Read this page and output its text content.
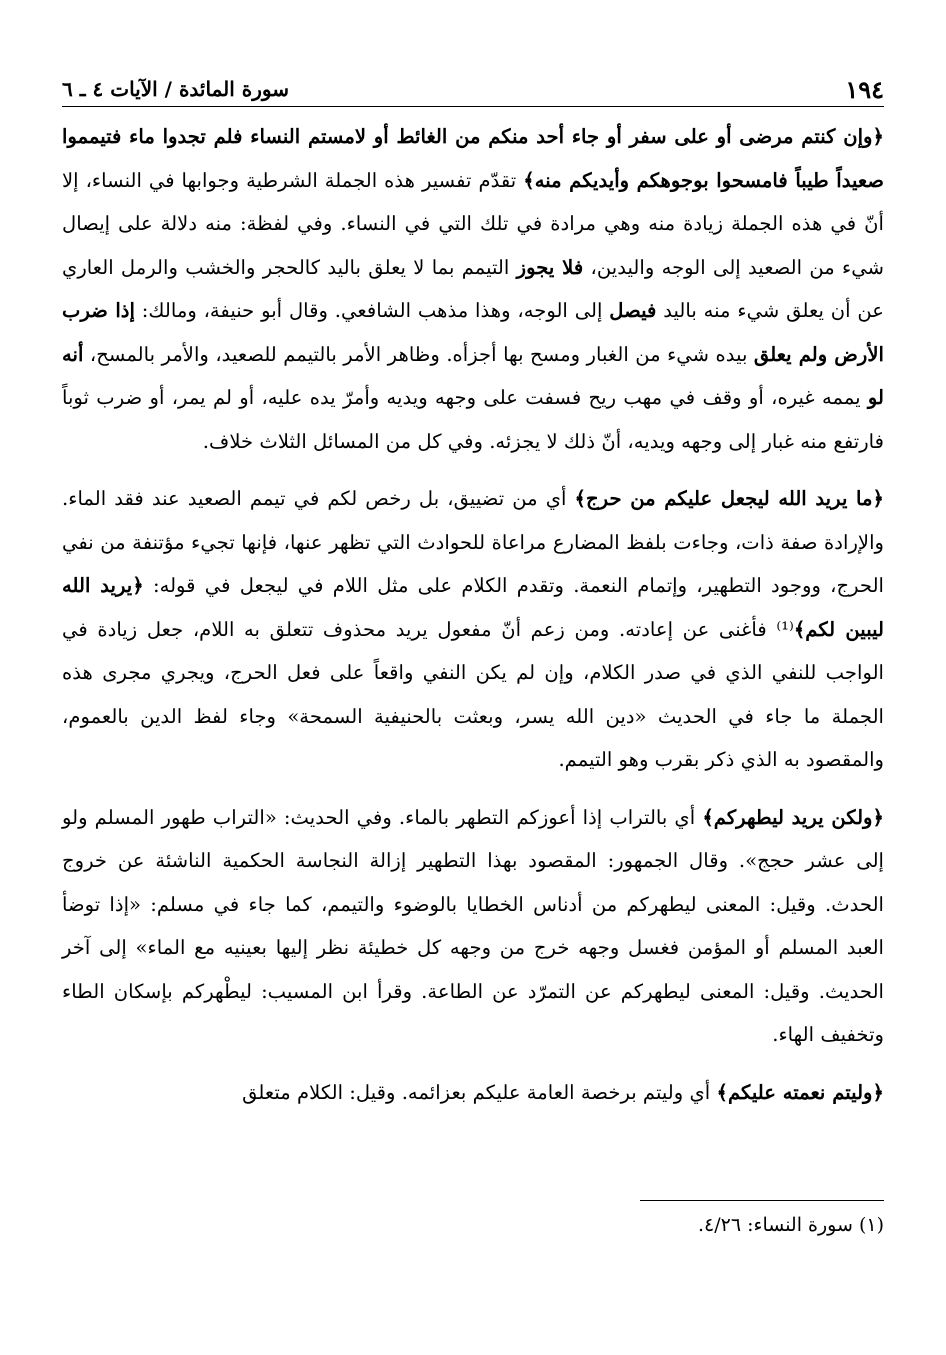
١٩٤
سورة المائدة / الآيات ٤ ـ ٦

﴿وإن كنتم مرضى أو على سفر أو جاء أحد منكم من الغائط أو لامستم النساء فلم تجدوا ماء فتيمموا صعيداً طيباً فامسحوا بوجوهكم وأيديكم منه﴾ تقدّم تفسير هذه الجملة الشرطية وجوابها في النساء، إلا أنّ في هذه الجملة زيادة منه وهي مرادة في تلك التي في النساء. وفي لفظة: منه دلالة على إيصال شيء من الصعيد إلى الوجه واليدين، فلا يجوز التيمم بما لا يعلق باليد كالحجر والخشب والرمل العاري عن أن يعلق شيء منه باليد فيصل إلى الوجه، وهذا مذهب الشافعي. وقال أبو حنيفة، ومالك: إذا ضرب الأرض ولم يعلق بيده شيء من الغبار ومسح بها أجزأه. وظاهر الأمر بالتيمم للصعيد، والأمر بالمسح، أنه لو يممه غيره، أو وقف في مهب ريح فسفت على وجهه ويديه وأمرّ يده عليه، أو لم يمر، أو ضرب ثوباً فارتفع منه غبار إلى وجهه ويديه، أنّ ذلك لا يجزئه. وفي كل من المسائل الثلاث خلاف.

﴿ما يريد الله ليجعل عليكم من حرج﴾ أي من تضييق، بل رخص لكم في تيمم الصعيد عند فقد الماء. والإرادة صفة ذات، وجاءت بلفظ المضارع مراعاة للحوادث التي تظهر عنها، فإنها تجيء مؤتنفة من نفي الحرج، ووجود التطهير، وإتمام النعمة. وتقدم الكلام على مثل اللام في ليجعل في قوله: ﴿يريد الله ليبين لكم﴾⁽¹⁾ فأغنى عن إعادته. ومن زعم أنّ مفعول يريد محذوف تتعلق به اللام، جعل زيادة في الواجب للنفي الذي في صدر الكلام، وإن لم يكن النفي واقعاً على فعل الحرج، ويجري مجرى هذه الجملة ما جاء في الحديث «دين الله يسر، وبعثت بالحنيفية السمحة» وجاء لفظ الدين بالعموم، والمقصود به الذي ذكر بقرب وهو التيمم.

﴿ولكن يريد ليطهركم﴾ أي بالتراب إذا أعوزكم التطهر بالماء. وفي الحديث: «التراب طهور المسلم ولو إلى عشر حجج». وقال الجمهور: المقصود بهذا التطهير إزالة النجاسة الحكمية الناشئة عن خروج الحدث. وقيل: المعنى ليطهركم من أدناس الخطايا بالوضوء والتيمم، كما جاء في مسلم: «إذا توضأ العبد المسلم أو المؤمن فغسل وجهه خرج من وجهه كل خطيئة نظر إليها بعينيه مع الماء» إلى آخر الحديث. وقيل: المعنى ليطهركم عن التمرّد عن الطاعة. وقرأ ابن المسيب: ليطْهركم بإسكان الطاء وتخفيف الهاء.

﴿وليتم نعمته عليكم﴾ أي وليتم برخصة العامة عليكم بعزائمه. وقيل: الكلام متعلق

(١) سورة النساء: ٤/٢٦.
